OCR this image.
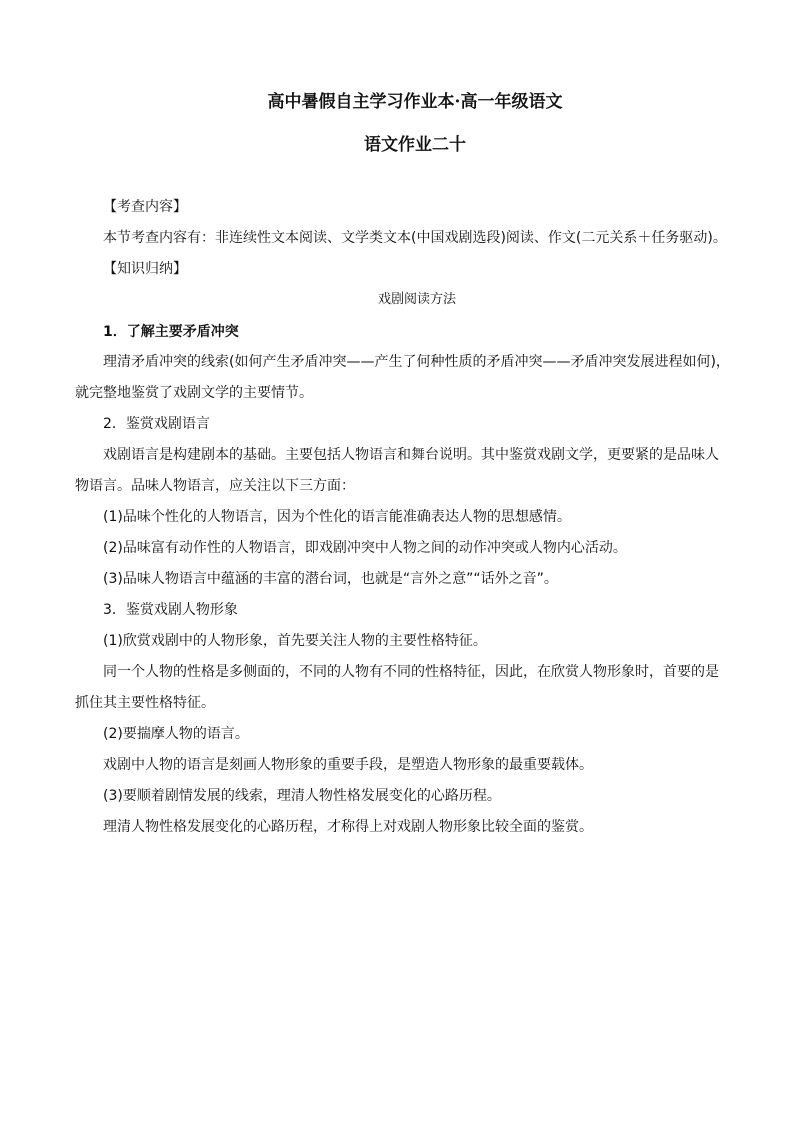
高中暑假自主学习作业本·高一年级语文
语文作业二十
【考查内容】
本节考查内容有：非连续性文本阅读、文学类文本(中国戏剧选段)阅读、作文(二元关系＋任务驱动)。
【知识归纳】
戏剧阅读方法
1．了解主要矛盾冲突
理清矛盾冲突的线索(如何产生矛盾冲突——产生了何种性质的矛盾冲突——矛盾冲突发展进程如何)，
就完整地鉴赏了戏剧文学的主要情节。
2．鉴赏戏剧语言
戏剧语言是构建剧本的基础。主要包括人物语言和舞台说明。其中鉴赏戏剧文学，更要紧的是品味人
物语言。品味人物语言，应关注以下三方面：
(1)品味个性化的人物语言，因为个性化的语言能准确表达人物的思想感情。
(2)品味富有动作性的人物语言，即戏剧冲突中人物之间的动作冲突或人物内心活动。
(3)品味人物语言中蕴涵的丰富的潜台词，也就是“言外之意”“话外之音”。
3．鉴赏戏剧人物形象
(1)欣赏戏剧中的人物形象，首先要关注人物的主要性格特征。
同一个人物的性格是多侧面的，不同的人物有不同的性格特征，因此，在欣赏人物形象时，首要的是
抓住其主要性格特征。
(2)要揣摩人物的语言。
戏剧中人物的语言是刻画人物形象的重要手段，是塑造人物形象的最重要载体。
(3)要顺着剧情发展的线索，理清人物性格发展变化的心路历程。
理清人物性格发展变化的心路历程，才称得上对戏剧人物形象比较全面的鉴赏。
